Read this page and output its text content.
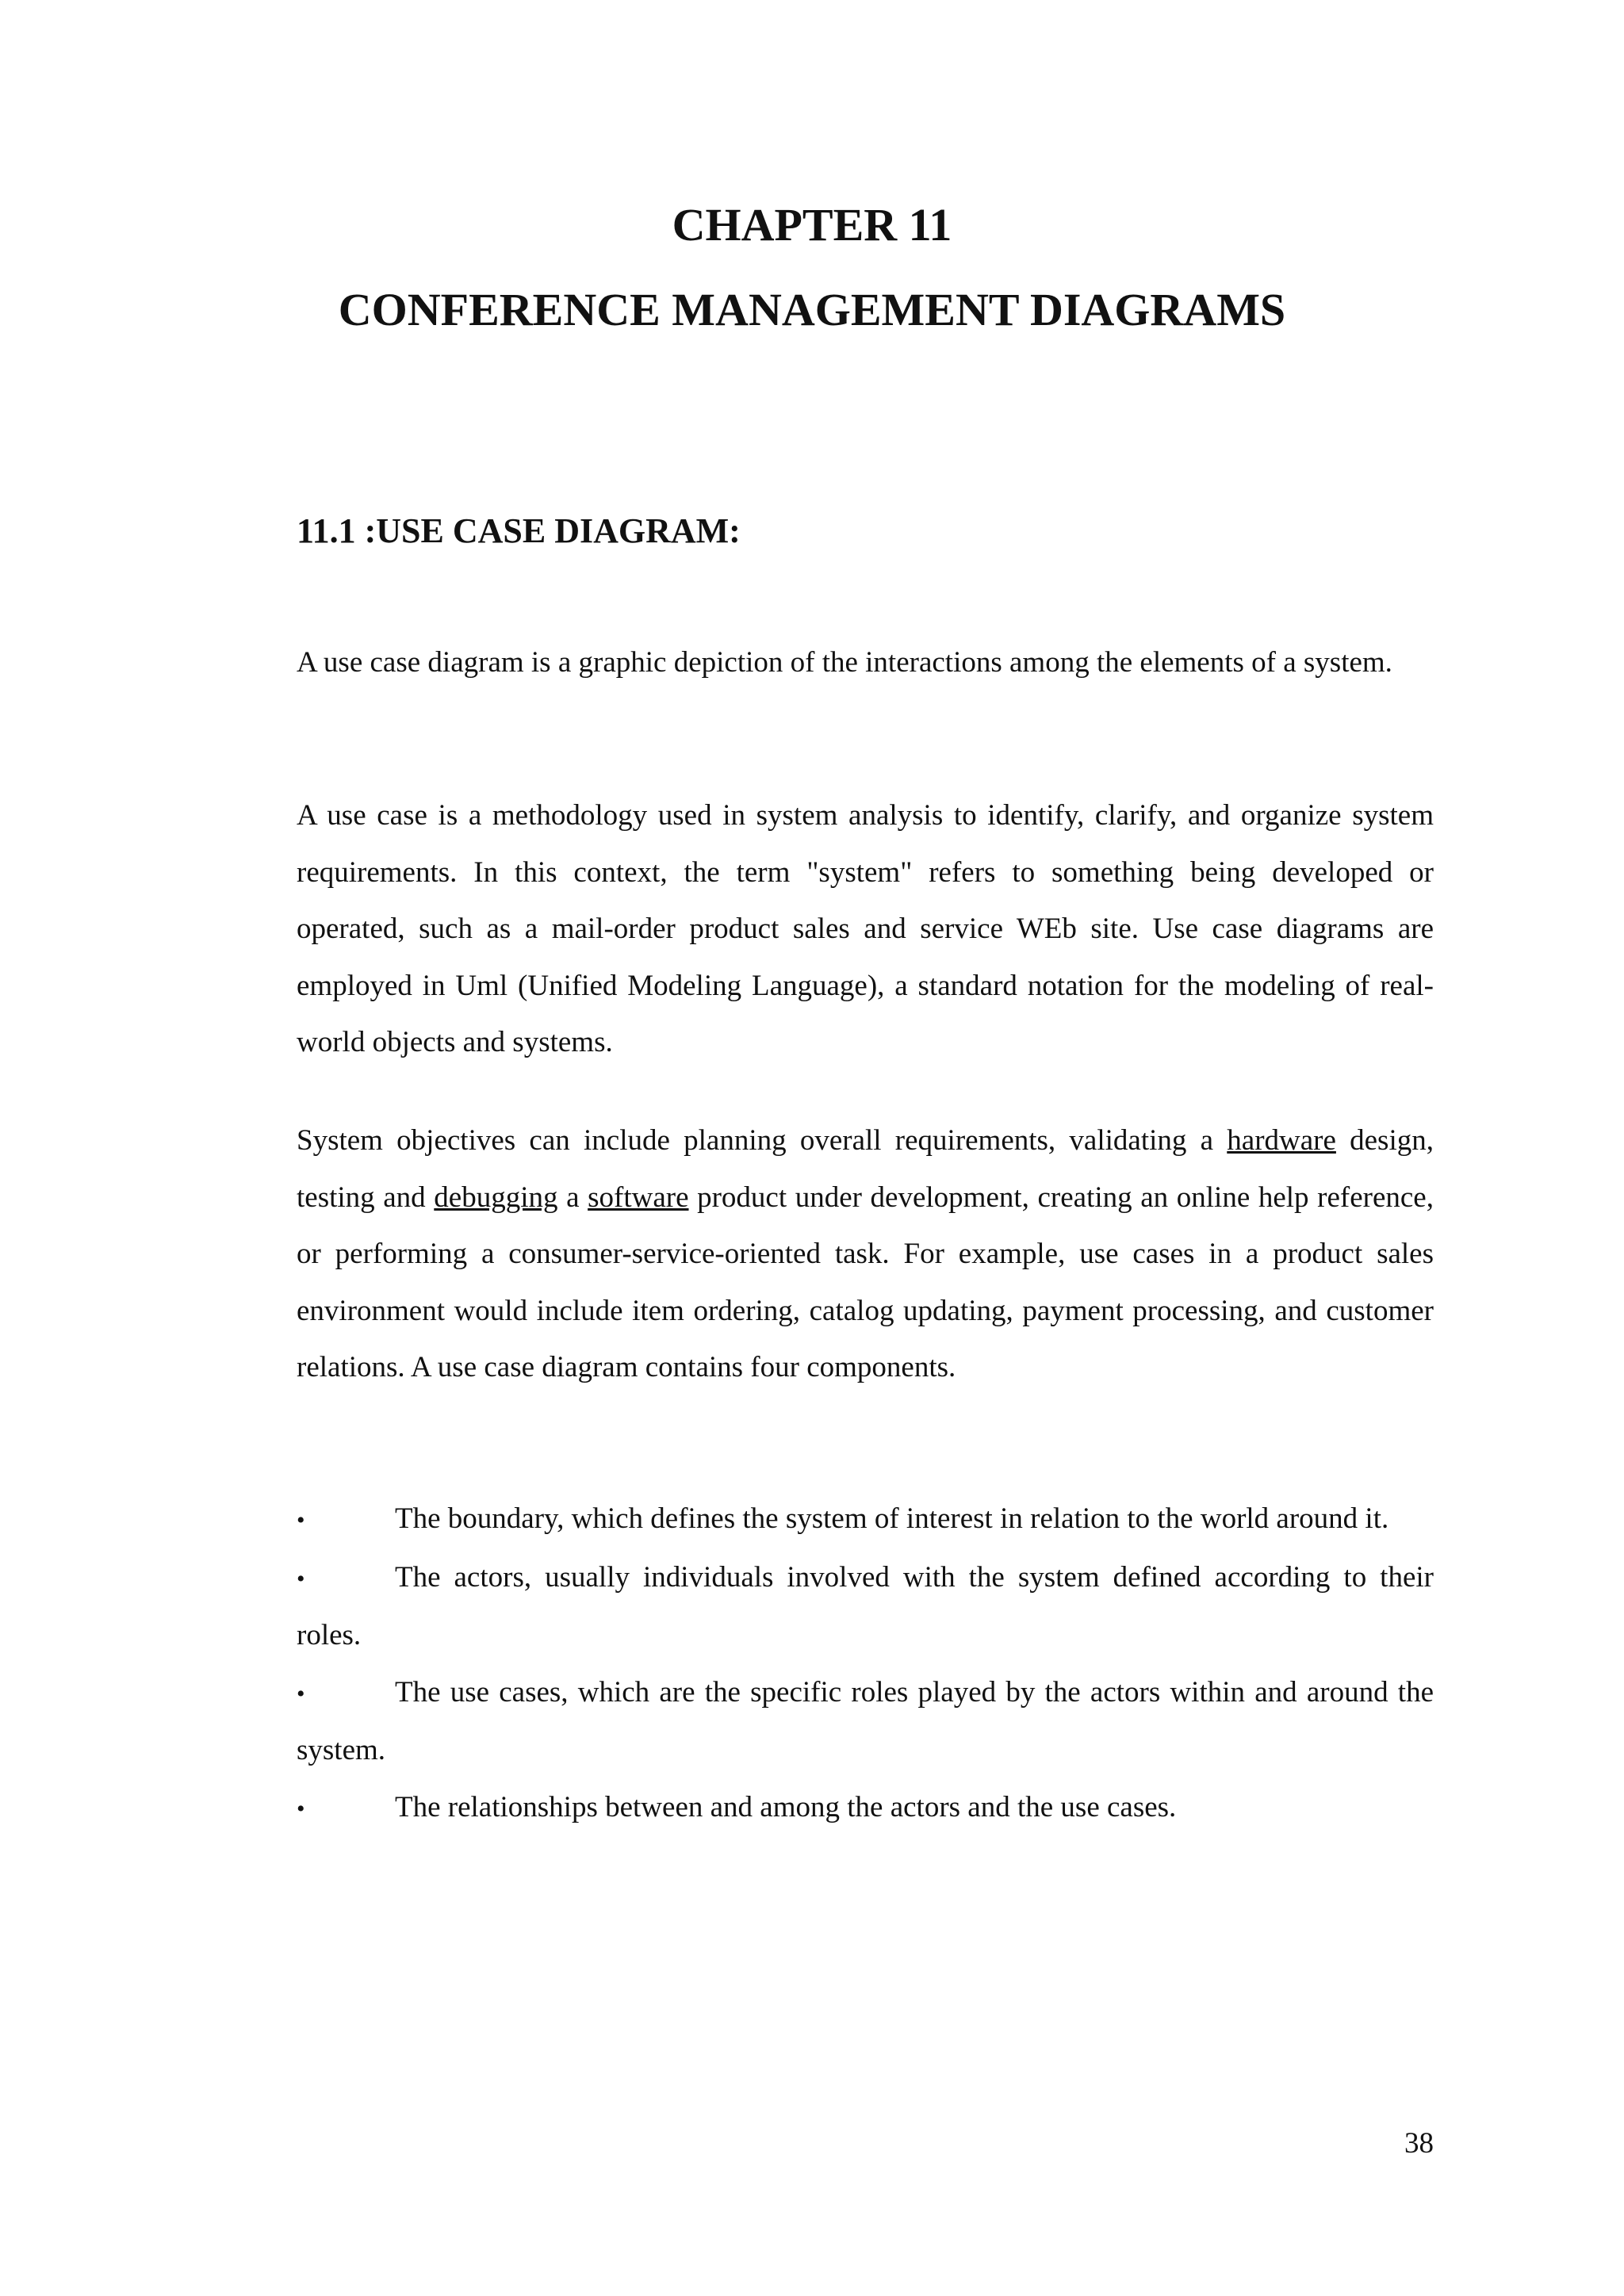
CHAPTER 11
CONFERENCE MANAGEMENT DIAGRAMS
11.1 :USE CASE DIAGRAM:

A use case diagram is a graphic depiction of the interactions among the elements of a system.

A use case is a methodology used in system analysis to identify, clarify, and organize system requirements. In this context, the term "system" refers to something being developed or operated, such as a mail-order product sales and service WEb site. Use case diagrams are employed in Uml (Unified Modeling Language), a standard notation for the modeling of real-world objects and systems.

System objectives can include planning overall requirements, validating a hardware design, testing and debugging a software product under development, creating an online help reference, or performing a consumer-service-oriented task. For example, use cases in a product sales environment would include item ordering, catalog updating, payment processing, and customer relations. A use case diagram contains four components.

•	The boundary, which defines the system of interest in relation to the world around it.
•	The actors, usually individuals involved with the system defined according to their roles.
•	The use cases, which are the specific roles played by the actors within and around the system.
•	The relationships between and among the actors and the use cases.
38
